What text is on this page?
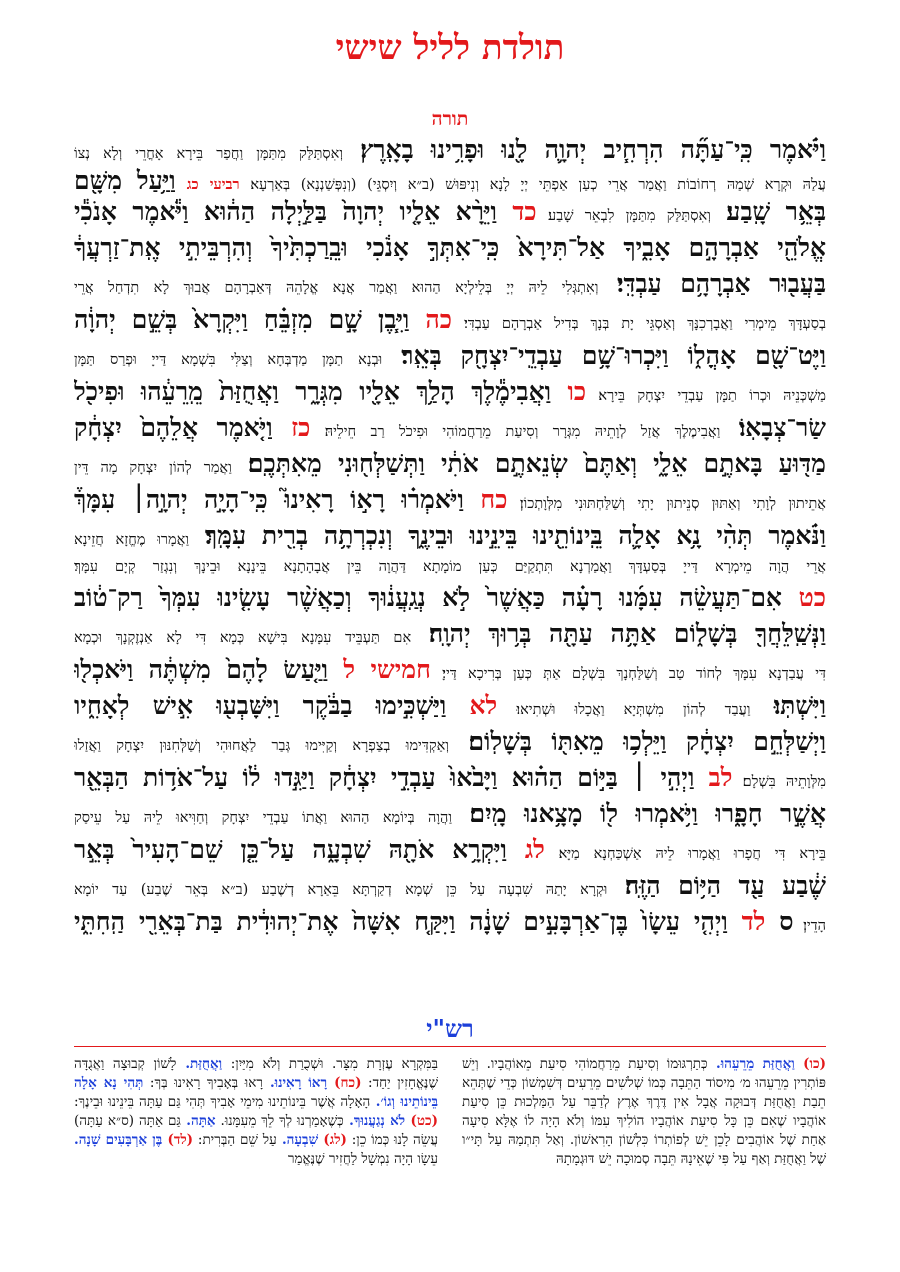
תולדת לליל שישי
תורה
וַיֹּ֗אמֶר כִּֽי־עַתָּ֞ה הִרְחִ֧יב יְהוָ֛ה לָ֖נוּ וּפָרִ֥ינוּ בָאָֽרֶץ׃ וְאִסְתַּלַּק מִתַּמָּן וַחֲפַר בֵּירָא אָחֳרֵי וְלָא נְצוֹ
עֲלַהּ וּקְרָא שְׁמַהּ רְחוֹבוֹת וַאֲמַר אֲרֵי כְעַן אַפְתֵּי יְיָ לָנָא וְנִיפּוּשׁ (ב״א וְיִסְגֵּי) (וְנִפְּשַׁנְנָא) בְּאַרְעָא׃ רביעי כג וַיַּ֥עַל מִשָּׁ֖ם
בְּאֵ֥ר שָֽׁבַע׃ וְאִסְתַּלַּק מִתַּמָּן לִבְאֵר שָׁבַע׃ כד וַיֵּרָ֨א אֵלָ֤יו יְהוָה֙ בַּלַּ֣יְלָה הַה֔וּא וַיֹּ֕אמֶר אָנֹכִ֕י
אֱלֹהֵ֖י אַבְרָהָ֣ם אָבִ֑יךָ אַל־תִּירָא֙ כִּֽי־אִתְּךָ֣ אָנֹ֔כִי וּבֵֽרַכְתִּ֙יךָ֙ וְהִרְבֵּיתִ֣י אֶֽת־זַרְעֲךָ֔
בַּעֲב֖וּר אַבְרָהָ֥ם עַבְדִּֽי׃ וְאִתְגְּלִי לֵיהּ יְיָ בְּלֵילְיָא הַהוּא וַאֲמַר אֲנָא אֱלָהֵהּ דְּאַבְרָהָם אֲבוּךְ לָא תִדְחַל אֲרֵי
בְסַעְדָּךְ מֵימְרִי וַאֲבָרְכִנָּךְ וְאַסְגֵּי יָת בְּנָךְ בְּדִיל אַבְרָהָם עַבְדִּי׃ כה וַיִּ֧בֶן שָׁ֣ם מִזְבֵּ֗חַ וַיִּקְרָא֙ בְּשֵׁ֣ם יְהוָ֔ה
וַיֶּט־שָׁ֖ם אָהֳל֑וֹ וַיִּכְרוּ־שָׁ֥ם עַבְדֵֽי־יִצְחָ֖ק בְּאֵֽר׃ וּבְנָא תַמָּן מַדְבְּחָא וְצַלִּי בִּשְׁמָא דַּייָ וּפְרַס תַּמָּן
מַשְׁכְּנֵיהּ וּכְרוֹ תַמָּן עַבְדֵי יִצְחָק בֵּירָא׃ כו וַאֲבִימֶ֕לֶךְ הָלַ֥ךְ אֵלָ֖יו מִגְּרָ֑ר וַאֲחֻזַּת֙ מֵֽרֵעֵ֔הוּ וּפִיכֹ֖ל
שַׂר־צְבָאֽוֹ׃ וַאֲבִימֶלֶךְ אֲזַל לְוָתֵיהּ מִגְּרָר וְסִיעַת מֵרַחֲמוֹהִי וּפִיכֹל רַב חֵילֵיהּ׃ כז וַיֹּ֤אמֶר אֲלֵהֶם֙ יִצְחָ֔ק
מַדּ֖וּעַ בָּאתֶ֣ם אֵלָ֑י וְאַתֶּם֙ שְׂנֵאתֶ֣ם אֹתִ֔י וַתְּשַׁלְּח֖וּנִי מֵאִתְּכֶֽם׃ וַאֲמַר לְהוֹן יִצְחָק מָה דֵּין
אֲתֵיתוּן לְוָתִי וְאַתּוּן סְנֵיתוּן יָתִי וְשַׁלַּחְתּוּנִי מִלְּוָתְכוֹן׃ כח וַיֹּאמְר֗וּ רָא֣וֹ רָאִינוּ֮ כִּֽי־הָיָ֣ה יְהוָ֣ה׀ עִמָּךְ֒
וַנֹּ֗אמֶר תְּהִ֨י נָ֥א אָלָ֛ה בֵּֽינוֹתֵ֖ינוּ בֵּינֵ֣ינוּ וּבֵינֶ֑ךָ וְנִכְרְתָ֥ה בְרִ֖ית עִמָּֽךְ׃ וַאֲמָרוּ מֶחֱזָא חֲזֵינָא
אֲרֵי הֲוָה מֵימְרָא דַּייָ בְּסַעְדָּךְ וַאֲמַרְנָא תִּתְקַיַּם כְּעַן מוֹמָתָא דַּהֲוָה בֵּין אֲבָהָתָנָא בֵּינָנָא וּבֵינָךְ וְנִגְזַר קְיָם עִמָּךְ׃
כט אִם־תַּעֲשֵׂ֨ה עִמָּ֜נוּ רָעָ֗ה כַּאֲשֶׁר֙ לֹ֣א נְגַֽעֲנ֔וּךָ וְכַאֲשֶׁ֨ר עָשִׂ֤ינוּ עִמְּךָ֙ רַק־ט֔וֹב
וַנְּשַֽׁלֵּחֲךָ֖ בְּשָׁל֑וֹם אַתָּ֥ה עַתָּ֖ה בְּר֥וּךְ יְהוָֽה׃ אִם תַּעְבֵּיד עִמָּנָא בִּישָׁא כְּמָא דִּי לָא אַנְזֶקְנָךְ וּכְמָא
דִּי עֲבַדְנָא עִמָּךְ לְחוֹד טַב וְשַׁלַּחְנָךְ בִּשְׁלָם אַתְּ כְּעַן בְּרִיכָא דַּייָ׃ חמישי ל וַיַּ֤עַשׂ לָהֶם֙ מִשְׁתֶּ֔ה וַיֹּאכְל֖וּ
וַיִּשְׁתּֽוּ׃ וַעֲבַד לְהוֹן מִשְׁתְּיָא וַאֲכָלוּ וּשְׁתִיאוּ׃ לא וַיַּשְׁכִּ֣ימוּ בַבֹּ֔קֶר וַיִּשָּׁבְע֖וּ אִ֣ישׁ לְאָחִ֑יו
וַיְשַׁלְּחֵ֣ם יִצְחָ֔ק וַיֵּלְכ֥וּ מֵאִתּ֖וֹ בְּשָׁלֽוֹם׃ וְאַקְדִּימוּ בְצַפְרָא וְקַיִּימוּ גְּבַר לַאֲחוּהִי וְשַׁלְּחִנּוּן יִצְחָק וַאֲזַלוּ
מִלְּוָתֵיהּ בִּשְׁלָם׃ לב וַיְהִ֣י ׀ בַּיּ֣וֹם הַה֗וּא וַיָּבֹ֙אוּ֙ עַבְדֵ֣י יִצְחָ֔ק וַיַּגִּ֣דוּ ל֔וֹ עַל־אֹד֥וֹת הַבְּאֵ֖ר
אֲשֶׁ֣ר חָפָ֑רוּ וַיֹּ֥אמְרוּ ל֖וֹ מָצָ֥אנוּ מָֽיִם׃ וַהֲוָה בְּיוֹמָא הַהוּא וַאֲתוֹ עַבְדֵי יִצְחָק וְחַוִּיאוּ לֵיהּ עַל עֵיסַק
בֵּירָא דִּי חֲפָרוּ וַאֲמָרוּ לֵיהּ אַשְׁכַּחְנָא מַיָּא׃ לג וַיִּקְרָ֥א אֹתָ֖הּ שִׁבְעָ֑ה עַל־כֵּ֤ן שֵׁם־הָעִיר֙ בְּאֵ֣ר
שֶׁ֔בַע עַ֖ד הַיּ֥וֹם הַזֶּֽה׃ וּקְרָא יָתַהּ שִׁבְעָה עַל כֵּן שְׁמָא דְקַרְתָּא בֵּאַרָא דְשֶׁבַע (ב״א בְּאֵר שֶׁבַע) עַד יוֹמָא
הָדֵין׃ ס לד וַיְהִ֤י עֵשָׂו֙ בֶּן־אַרְבָּעִ֣ים שָׁנָ֔ה וַיִּקַּ֤ח אִשָּׁה֙ אֶת־יְהוּדִ֔ית בַּת־בְּאֵרִ֖י הַֽחִתִּ֑י
רש"י
(כו) וַאֲחֻזַּת מֵרֵעֵהוּ. כְּתַרְגּוּמוֹ וְסִיעַת מֵרַחֲמוֹהִי סִיעַת מֵאוֹהֲבָיו. וְיֵשׁ פּוֹתְרִין מֵרֵעֵהוּ מ׳ מִיסוֹד הַתֵּבָה כְּמוֹ שְׁלֹשִׁים מֵרֵעִים דְּשִׁמְשׁוֹן כְּדֵי שֶׁתְּהֵא תֵבַת וַאֲחֻזַּת דְּבוּקָה אֲבָל אִין דֶּרֶךְ אֶרֶץ לְדַבֵּר עַל הַמַּלְכוּת כֵּן סִיעַת אוֹהֲבָיו שֶׁאִם כֵּן כָּל סִיעַת אוֹהֲבָיו הוֹלִיךְ עִמּוֹ וְלֹא הָיָה לוֹ אֶלָּא סִיעָה אַחַת שֶׁל אוֹהֲבִים לָכֵן יֵשׁ לְפוֹתְרוֹ כִּלְשׁוֹן הָרִאשׁוֹן. וְאַל תִּתְמַהּ עַל תָּי״ו שֶׁל וַאֲחֻזַּת וְאַף עַל פִּי שֶׁאֵינָהּ תֵּבָה סְמוּכָה יֵשׁ דּוּגְמָתָהּ
בַּמִּקְרָא עֶזְרָת מִצָּר. וּשְׁכֻרַת וְלֹא מִיַּיִן: וַאֲחֻזַּת. לָשׁוֹן קְבוּצָה וַאֲגֻדָּה שֶׁנֶּאֱחָזִין יַחַד: (כח) רָאוֹ רָאִינוּ. רָאוּ בְּאָבִיךָ רָאִינוּ בְּךָ: תְּהִי נָא אָלָה בֵּינוֹתֵינוּ וְגוֹ׳. הָאָלָה אֲשֶׁר בֵּינוֹתֵינוּ מִימֵי אָבִיךָ תְּהִי גַּם עַתָּה בֵּינֵינוּ וּבֵינֶךָ: (כט) לֹא נְגַעֲנוּךָ. כְּשֶׁאָמַרְנוּ לְךָ לֵךְ מֵעִמָּנוּ. אַתָּה. גַּם אַתָּה (ס״א עַתָּה) עֲשֵׂה לָנוּ כְּמוֹ כֵן: (לג) שִׁבְעָה. עַל שֵׁם הַבְּרִית: (לד) בֶּן אַרְבָּעִים שָׁנָה. עֵשָׂו הָיָה נִמְשָׁל לַחֲזִיר שֶׁנֶּאֱמַר
